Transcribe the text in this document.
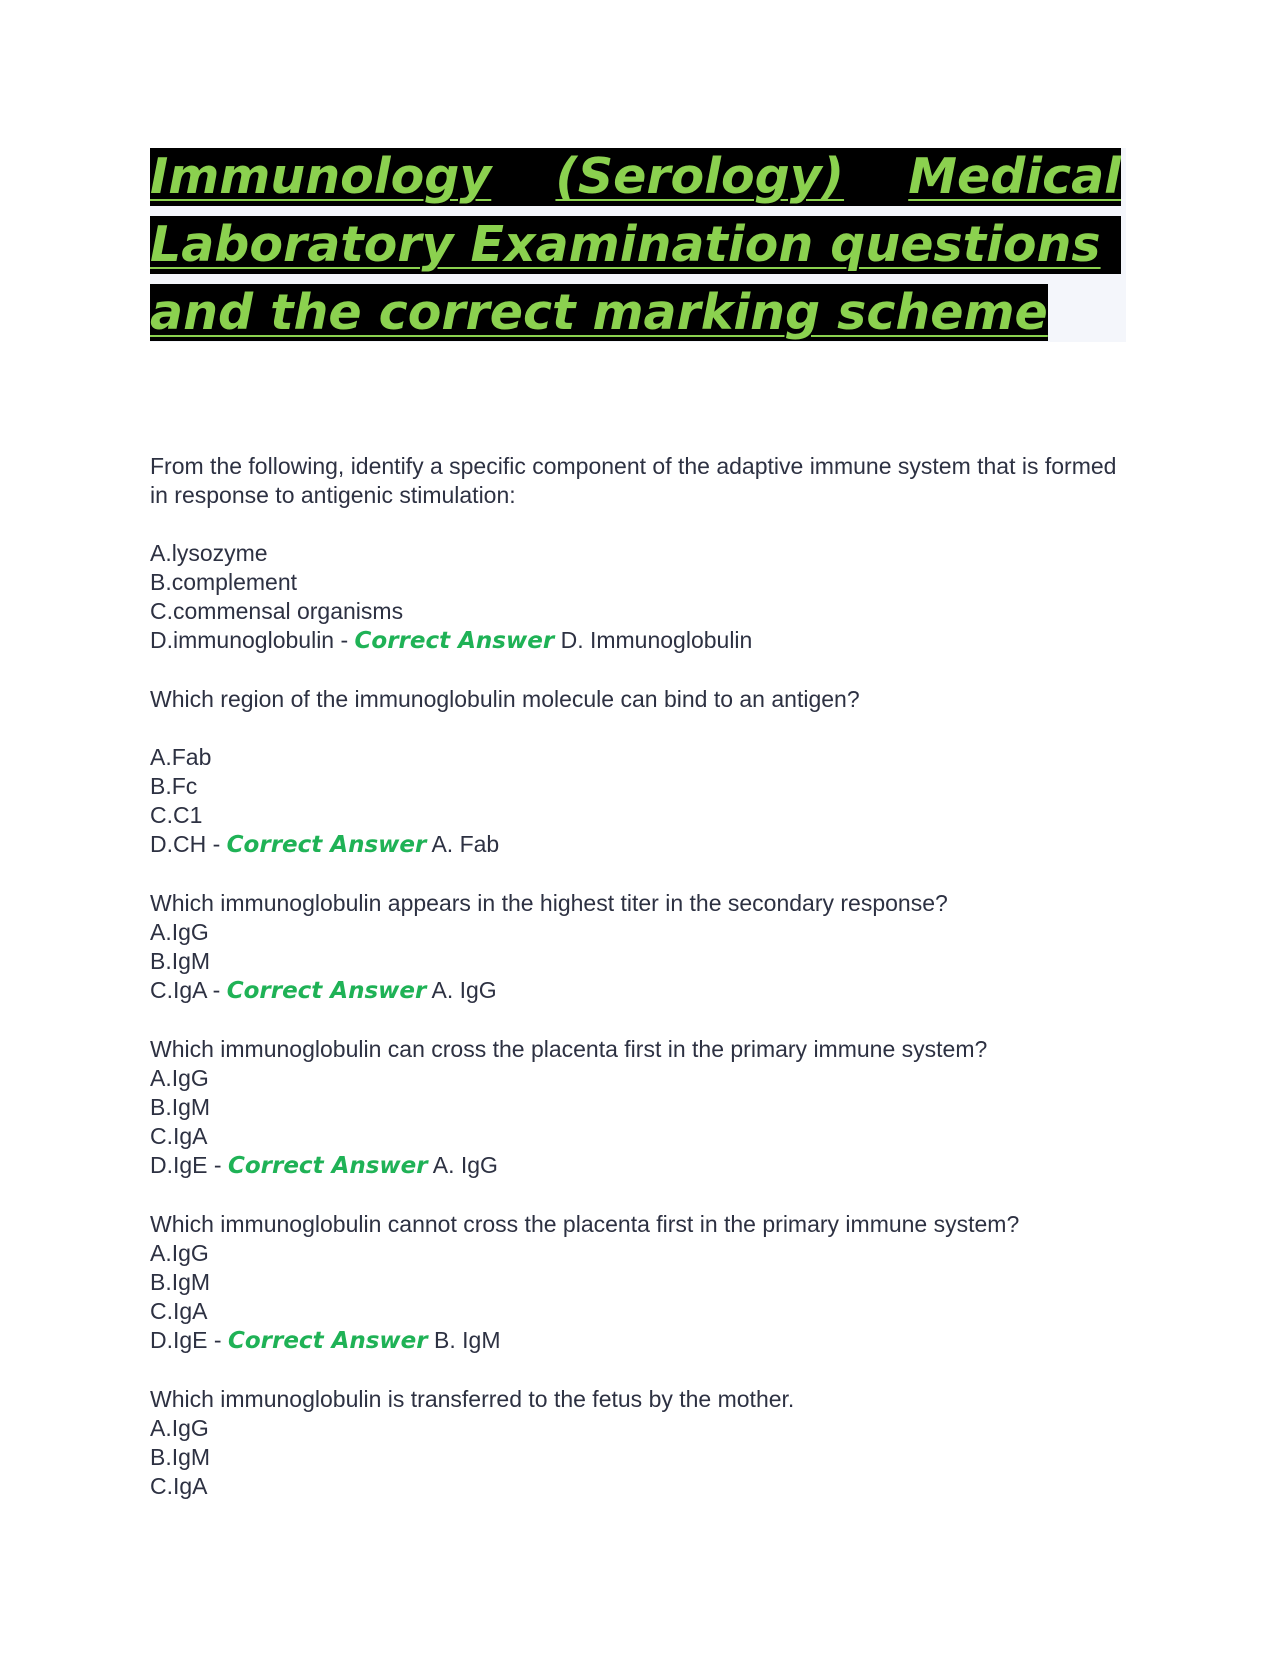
Immunology (Serology) Medical
Laboratory Examination questions
and the correct marking scheme

From the following, identify a specific component of the adaptive immune system that is formed in response to antigenic stimulation:

A.lysozyme
B.complement
C.commensal organisms
D.immunoglobulin - Correct Answer D. Immunoglobulin

Which region of the immunoglobulin molecule can bind to an antigen?

A.Fab
B.Fc
C.C1
D.CH - Correct Answer A. Fab

Which immunoglobulin appears in the highest titer in the secondary response?

A.IgG
B.IgM
C.IgA - Correct Answer A. IgG

Which immunoglobulin can cross the placenta first in the primary immune system?

A.IgG
B.IgM
C.IgA
D.IgE - Correct Answer A. IgG

Which immunoglobulin cannot cross the placenta first in the primary immune system?

A.IgG
B.IgM
C.IgA
D.IgE - Correct Answer B. IgM

Which immunoglobulin is transferred to the fetus by the mother.

A.IgG
B.IgM
C.IgA
